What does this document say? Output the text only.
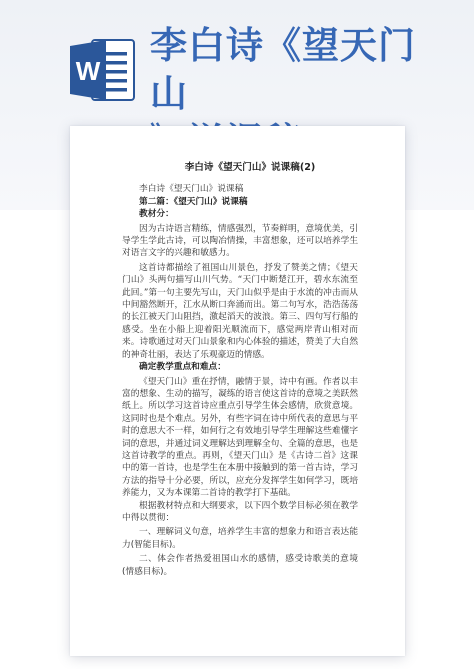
W
李白诗《望天门山
李白诗《望天门山》说课稿(2)
李白诗《望天门山》说课稿
第二篇：《望天门山》说课稿
教材分：
因为古诗语言精练，情感强烈，节奏鲜明，意境优美，引导学生学此古诗，可以陶冶情操，丰富想象，还可以培养学生对语言文字的兴趣和敏感力。
这首诗都描绘了祖国山川景色，抒发了赞美之情；《望天门山》头两句描写山川气势。“天门中断楚江开，碧水东流至此回。”第一句主要先写山，天门山似乎是由于水流的冲击而从中间豁然断开，江水从断口奔涌而出。第二句写水，浩浩荡荡的长江被天门山阻挡，激起滔天的波浪。第三、四句写行船的感受。坐在小船上迎着阳光顺流而下，感觉两岸青山相对而来。诗歌通过对天门山景象和内心体验的描述，赞美了大自然的神奇壮丽，表达了乐观豪迈的情感。
确定教学重点和难点：
《望天门山》重在抒情，融情于景，诗中有画。作者以丰富的想象、生动的描写，凝练的语言使这首诗的意境之美跃然纸上。所以学习这首诗应重点引导学生体会感情，欣赏意境。这同时也是个难点。另外，有些字词在诗中所代表的意思与平时的意思大不一样，如何行之有效地引导学生理解这些难懂字词的意思，并通过词义理解达到理解全句、全篇的意思，也是这首诗教学的重点。再则，《望天门山》是《古诗二首》这课中的第一首诗，也是学生在本册中接触到的第一首古诗，学习方法的指导十分必要，所以，应充分发挥学生如何学习，既培养能力，又为本课第二首诗的教学打下基础。
根据教材特点和大纲要求，以下四个数学目标必须在教学中得以贯彻：
一、理解词义句意，培养学生丰富的想象力和语言表达能力(智能目标)。
二、体会作者热爱祖国山水的感情，感受诗歌美的意境(情感目标)。
